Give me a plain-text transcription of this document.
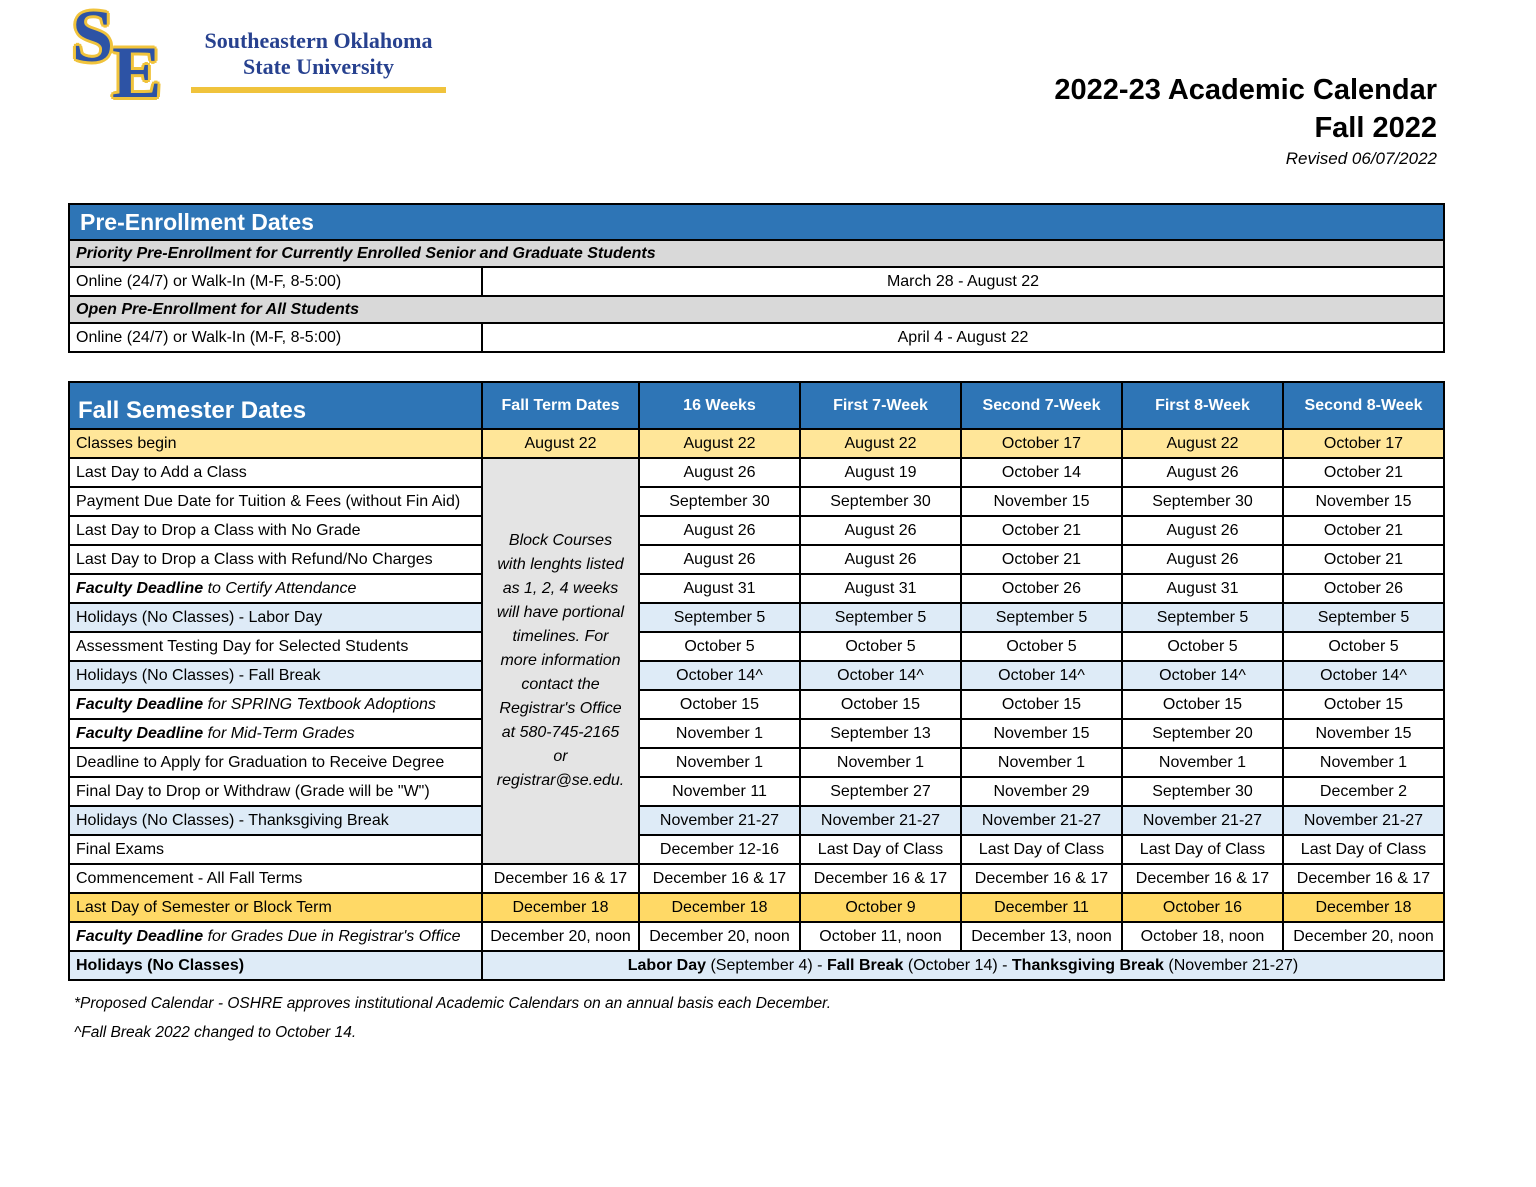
S
E	Southeastern Oklahoma
State University
2022-23 Academic Calendar
Fall 2022
Revised 06/07/2022
Pre-Enrollment Dates	
Priority Pre-Enrollment for Currently Enrolled Senior and Graduate Students	
Online (24/7) or Walk-In (M-F, 8-5:00)	March 28 - August 22
Open Pre-Enrollment for All Students	
Online (24/7) or Walk-In (M-F, 8-5:00)	April 4 - August 22
Fall Semester Dates	Fall Term Dates	16 Weeks	First 7-Week	Second 7-Week	First 8-Week	Second 8-Week
Classes begin	August 22	August 22	August 22	October 17	August 22	October 17
Last Day to Add a Class	Block Courses with lenghts listed as 1, 2, 4 weeks will have portional timelines. For more information contact the Registrar's Office at 580-745-2165 or registrar@se.edu.	August 26	August 19	October 14	August 26	October 21
Payment Due Date for Tuition & Fees (without Fin Aid)		September 30	September 30	November 15	September 30	November 15
Last Day to Drop a Class with No Grade		August 26	August 26	October 21	August 26	October 21
Last Day to Drop a Class with Refund/No Charges		August 26	August 26	October 21	August 26	October 21
Faculty Deadline to Certify Attendance		August 31	August 31	October 26	August 31	October 26
Holidays (No Classes) - Labor Day		September 5	September 5	September 5	September 5	September 5
Assessment Testing Day for Selected Students		October 5	October 5	October 5	October 5	October 5
Holidays (No Classes) - Fall Break		October 14^	October 14^	October 14^	October 14^	October 14^
Faculty Deadline for SPRING Textbook Adoptions		October 15	October 15	October 15	October 15	October 15
Faculty Deadline for Mid-Term Grades		November 1	September 13	November 15	September 20	November 15
Deadline to Apply for Graduation to Receive Degree		November 1	November 1	November 1	November 1	November 1
Final Day to Drop or Withdraw (Grade will be "W")		November 11	September 27	November 29	September 30	December 2
Holidays (No Classes) - Thanksgiving Break		November 21-27	November 21-27	November 21-27	November 21-27	November 21-27
Final Exams		December 12-16	Last Day of Class	Last Day of Class	Last Day of Class	Last Day of Class
Commencement - All Fall Terms	December 16 & 17	December 16 & 17	December 16 & 17	December 16 & 17	December 16 & 17	December 16 & 17
Last Day of Semester or Block Term	December 18	December 18	October 9	December 11	October 16	December 18
Faculty Deadline for Grades Due in Registrar's Office	December 20, noon	December 20, noon	October 11, noon	December 13, noon	October 18, noon	December 20, noon
Holidays (No Classes)	Labor Day (September 4) - Fall Break (October 14) - Thanksgiving Break (November 21-27)					
*Proposed Calendar - OSHRE approves institutional Academic Calendars on an annual basis each December.
^Fall Break 2022 changed to October 14.
